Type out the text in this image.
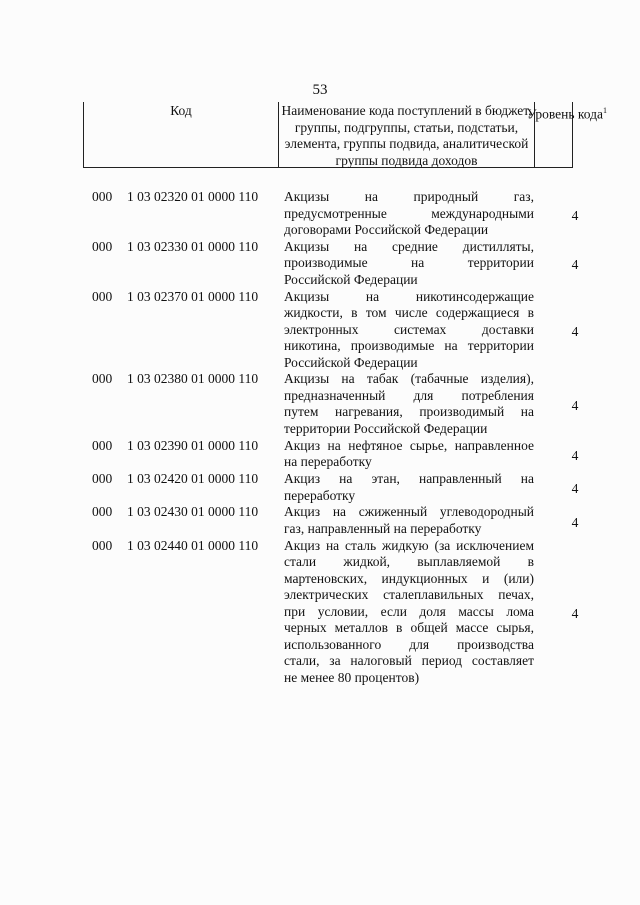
53
Код	Наименование кода поступлений в бюджет, группы, подгруппы, статьи, подстатьи, элемента, группы подвида, аналитической группы подвида доходов
Уровень кода$^1$
000 1 03 02320 01 0000 110 Акцизы на природный газ,
предусмотренные международными
договорами Российской Федерации
4
000 1 03 02330 01 0000 110 Акцизы на средние дистилляты,
производимые на территории
Российской Федерации
4
000 1 03 02370 01 0000 110 Акцизы на никотинсодержащие
жидкости, в том числе содержащиеся в
электронных системах доставки
никотина, производимые на территории
Российской Федерации
4
000 1 03 02380 01 0000 110 Акцизы на табак (табачные изделия),
предназначенный для потребления
путем нагревания, производимый на
территории Российской Федерации
4
000 1 03 02390 01 0000 110 Акциз на нефтяное сырье, направленное
на переработку	4
000 1 03 02420 01 0000 110 Акциз на этан, направленный на
переработку	4
000 1 03 02430 01 0000 110 Акциз на сжиженный углеводородный
газ, направленный на переработку	4
000 1 03 02440 01 0000 110 Акциз на сталь жидкую (за исключением
стали жидкой, выплавляемой в
мартеновских, индукционных и (или)
электрических сталеплавильных печах,
при условии, если доля массы лома
черных металлов в общей массе сырья,
использованного для производства
стали, за налоговый период составляет
не менее 80 процентов)
4
